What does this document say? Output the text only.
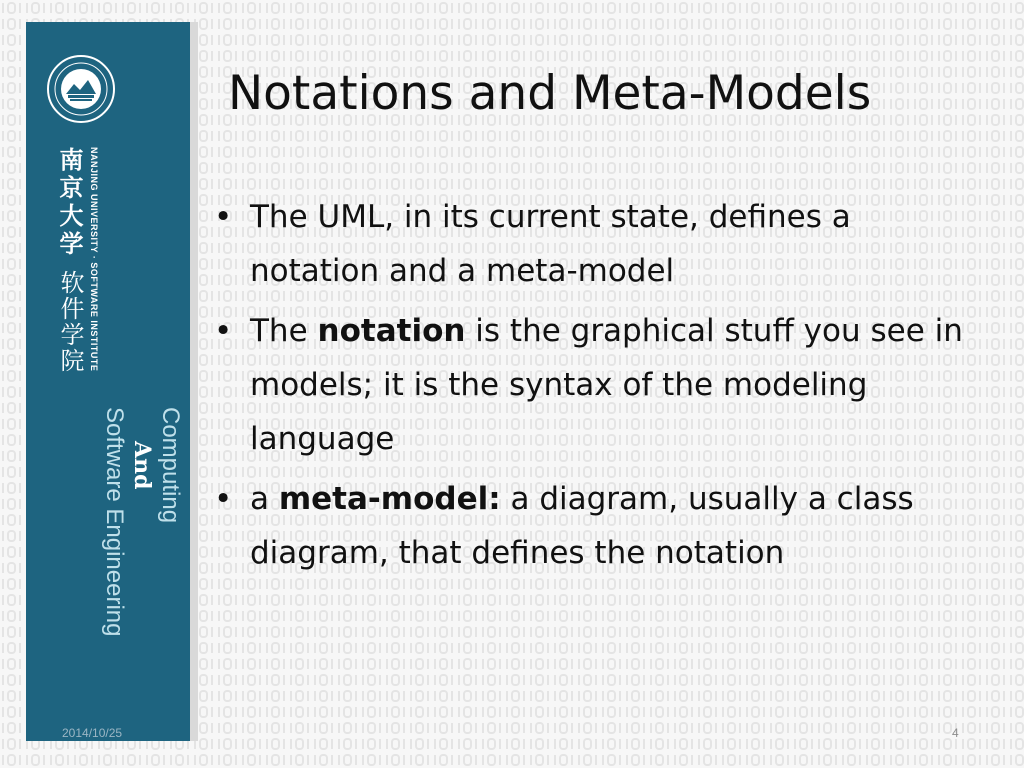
南京大学 NANJING UNIVERSITY · SOFTWARE INSTITUTE
软件学院
Computing
And
Software Engineering
Notations and Meta-Models
• The UML, in its current state, defines a notation and a meta-model
• The notation is the graphical stuff you see in models; it is the syntax of the modeling language
• a meta-model: a diagram, usually a class diagram, that defines the notation
2014/10/25	4
